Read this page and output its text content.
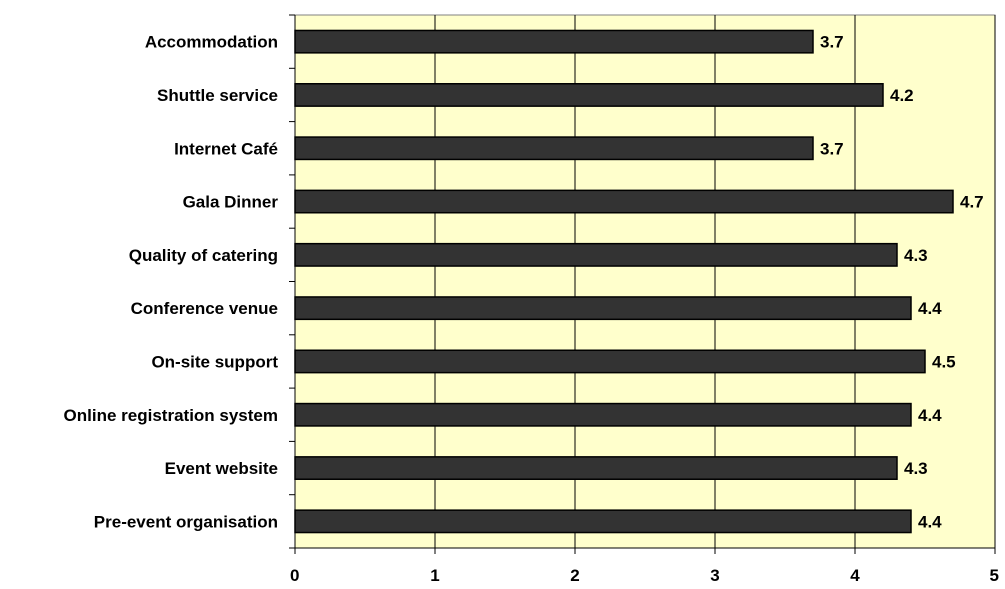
0	1	2	3	4	5
Accommodation
Shuttle service
Internet Café
Gala Dinner
Quality of catering
Conference venue
On-site support
Online registration system
Event website
Pre-event organisation
3.7
4.2
3.7
4.7
4.3
4.4
4.5
4.4
4.3
4.4
